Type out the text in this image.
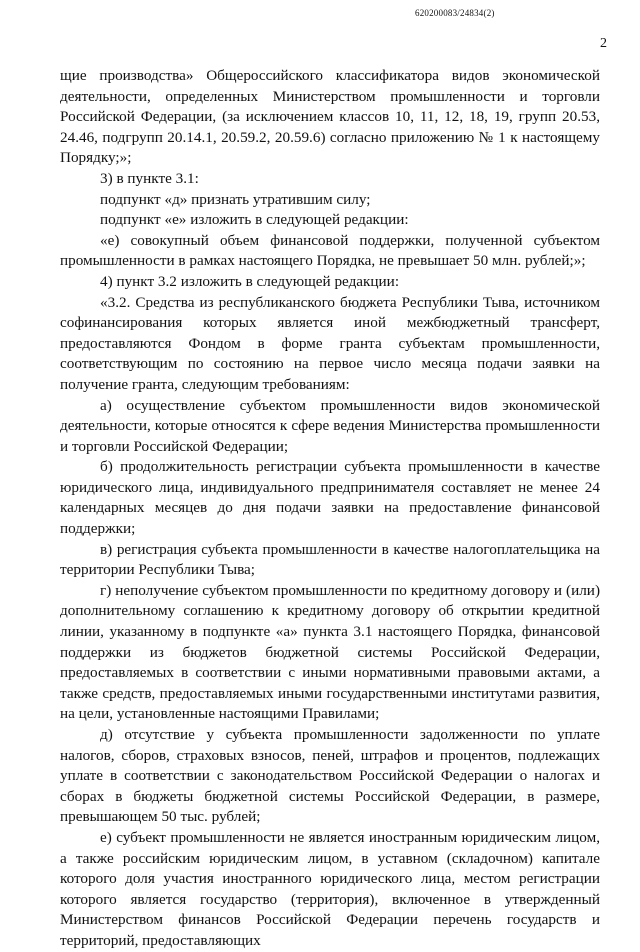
620200083/24834(2)
2

щие производства» Общероссийского классификатора видов экономической деятельности, определенных Министерством промышленности и торговли Российской Федерации, (за исключением классов 10, 11, 12, 18, 19, групп 20.53, 24.46, подгрупп 20.14.1, 20.59.2, 20.59.6) согласно приложению № 1 к настоящему Порядку;»;

3) в пункте 3.1:

подпункт «д» признать утратившим силу;

подпункт «е» изложить в следующей редакции:

«е) совокупный объем финансовой поддержки, полученной субъектом промышленности в рамках настоящего Порядка, не превышает 50 млн. рублей;»;

4) пункт 3.2 изложить в следующей редакции:

«3.2. Средства из республиканского бюджета Республики Тыва, источником софинансирования которых является иной межбюджетный трансферт, предоставляются Фондом в форме гранта субъектам промышленности, соответствующим по состоянию на первое число месяца подачи заявки на получение гранта, следующим требованиям:

а) осуществление субъектом промышленности видов экономической деятельности, которые относятся к сфере ведения Министерства промышленности и торговли Российской Федерации;

б) продолжительность регистрации субъекта промышленности в качестве юридического лица, индивидуального предпринимателя составляет не менее 24 календарных месяцев до дня подачи заявки на предоставление финансовой поддержки;

в) регистрация субъекта промышленности в качестве налогоплательщика на территории Республики Тыва;

г) неполучение субъектом промышленности по кредитному договору и (или) дополнительному соглашению к кредитному договору об открытии кредитной линии, указанному в подпункте «а» пункта 3.1 настоящего Порядка, финансовой поддержки из бюджетов бюджетной системы Российской Федерации, предоставляемых в соответствии с иными нормативными правовыми актами, а также средств, предоставляемых иными государственными институтами развития, на цели, установленные настоящими Правилами;

д) отсутствие у субъекта промышленности задолженности по уплате налогов, сборов, страховых взносов, пеней, штрафов и процентов, подлежащих уплате в соответствии с законодательством Российской Федерации о налогах и сборах в бюджеты бюджетной системы Российской Федерации, в размере, превышающем 50 тыс. рублей;

е) субъект промышленности не является иностранным юридическим лицом, а также российским юридическим лицом, в уставном (складочном) капитале которого доля участия иностранного юридического лица, местом регистрации которого является государство (территория), включенное в утвержденный Министерством финансов Российской Федерации перечень государств и территорий, предоставляющих
